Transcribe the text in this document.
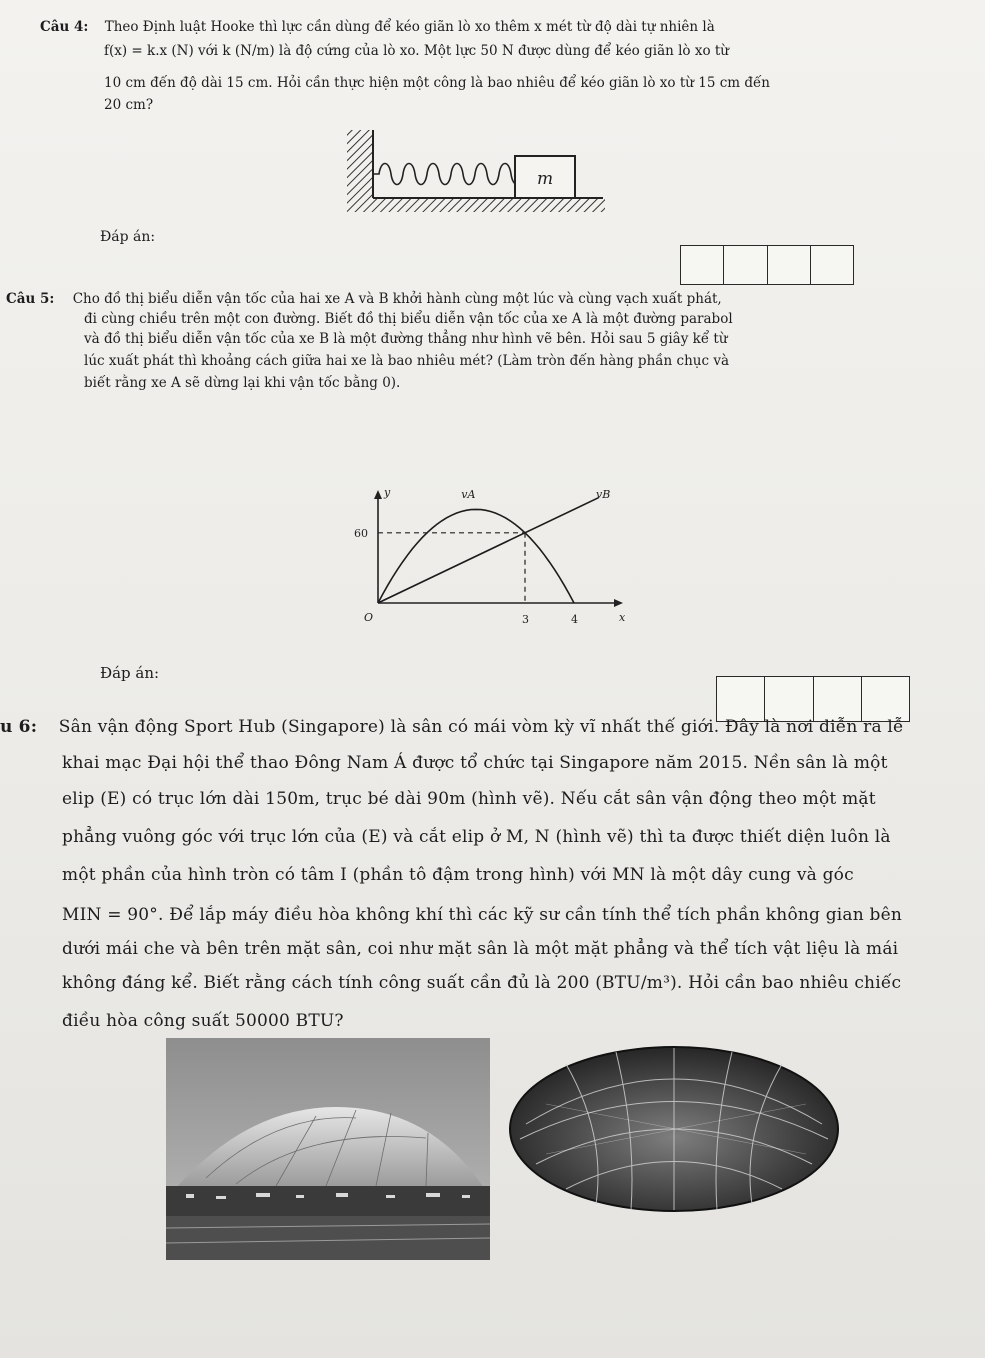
Câu 4: Theo Định luật Hooke thì lực cần dùng để kéo giãn lò xo thêm x mét từ độ dài tự nhiên là
f(x) = k.x (N) với k (N/m) là độ cứng của lò xo. Một lực 50 N được dùng để kéo giãn lò xo từ
10 cm đến độ dài 15 cm. Hỏi cần thực hiện một công là bao nhiêu để kéo giãn lò xo từ 15 cm đến
20 cm?
m
Đáp án:
Câu 5: Cho đồ thị biểu diễn vận tốc của hai xe A và B khởi hành cùng một lúc và cùng vạch xuất phát,
đi cùng chiều trên một con đường. Biết đồ thị biểu diễn vận tốc của xe A là một đường parabol
và đồ thị biểu diễn vận tốc của xe B là một đường thẳng như hình vẽ bên. Hỏi sau 5 giây kể từ
lúc xuất phát thì khoảng cách giữa hai xe là bao nhiêu mét? (Làm tròn đến hàng phần chục và
biết rằng xe A sẽ dừng lại khi vận tốc bằng 0).
3	4
60
O	x
y	vA	vB
Đáp án:
u 6: Sân vận động Sport Hub (Singapore) là sân có mái vòm kỳ vĩ nhất thế giới. Đây là nơi diễn ra lễ
khai mạc Đại hội thể thao Đông Nam Á được tổ chức tại Singapore năm 2015. Nền sân là một
elip (E) có trục lớn dài 150m, trục bé dài 90m (hình vẽ). Nếu cắt sân vận động theo một mặt
phẳng vuông góc với trục lớn của (E) và cắt elip ở M, N (hình vẽ) thì ta được thiết diện luôn là
một phần của hình tròn có tâm I (phần tô đậm trong hình) với MN là một dây cung và góc
MIN = 90°. Để lắp máy điều hòa không khí thì các kỹ sư cần tính thể tích phần không gian bên
dưới mái che và bên trên mặt sân, coi như mặt sân là một mặt phẳng và thể tích vật liệu là mái
không đáng kể. Biết rằng cách tính công suất cần đủ là 200 (BTU/m³). Hỏi cần bao nhiêu chiếc
điều hòa công suất 50000 BTU?
